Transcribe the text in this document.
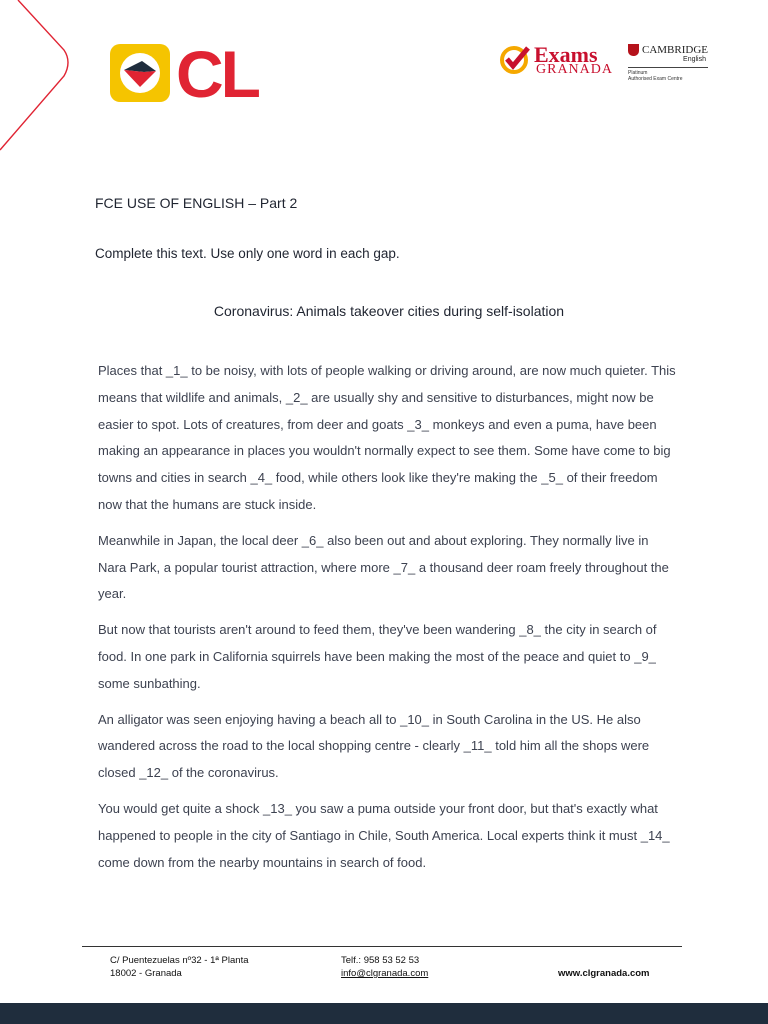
CL	Exams
GRANADA
CAMBRIDGE
English
Platinum
Authorised Exam Centre
FCE USE OF ENGLISH – Part 2
Complete this text. Use only one word in each gap.
Coronavirus: Animals takeover cities during self-isolation

Places that _1_ to be noisy, with lots of people walking or driving around, are now much quieter. This means that wildlife and animals, _2_ are usually shy and sensitive to disturbances, might now be easier to spot. Lots of creatures, from deer and goats _3_ monkeys and even a puma, have been making an appearance in places you wouldn't normally expect to see them. Some have come to big towns and cities in search _4_ food, while others look like they're making the _5_ of their freedom now that the humans are stuck inside.

Meanwhile in Japan, the local deer _6_ also been out and about exploring. They normally live in Nara Park, a popular tourist attraction, where more _7_ a thousand deer roam freely throughout the year.

But now that tourists aren't around to feed them, they've been wandering _8_ the city in search of food. In one park in California squirrels have been making the most of the peace and quiet to _9_ some sunbathing.

An alligator was seen enjoying having a beach all to _10_ in South Carolina in the US. He also wandered across the road to the local shopping centre - clearly _11_ told him all the shops were closed _12_ of the coronavirus.

You would get quite a shock _13_ you saw a puma outside your front door, but that's exactly what happened to people in the city of Santiago in Chile, South America. Local experts think it must _14_ come down from the nearby mountains in search of food.

C/ Puentezuelas nº32 - 1ª Planta
18002 - Granada
Telf.: 958 53 52 53
info@clgranada.com	www.clgranada.com
